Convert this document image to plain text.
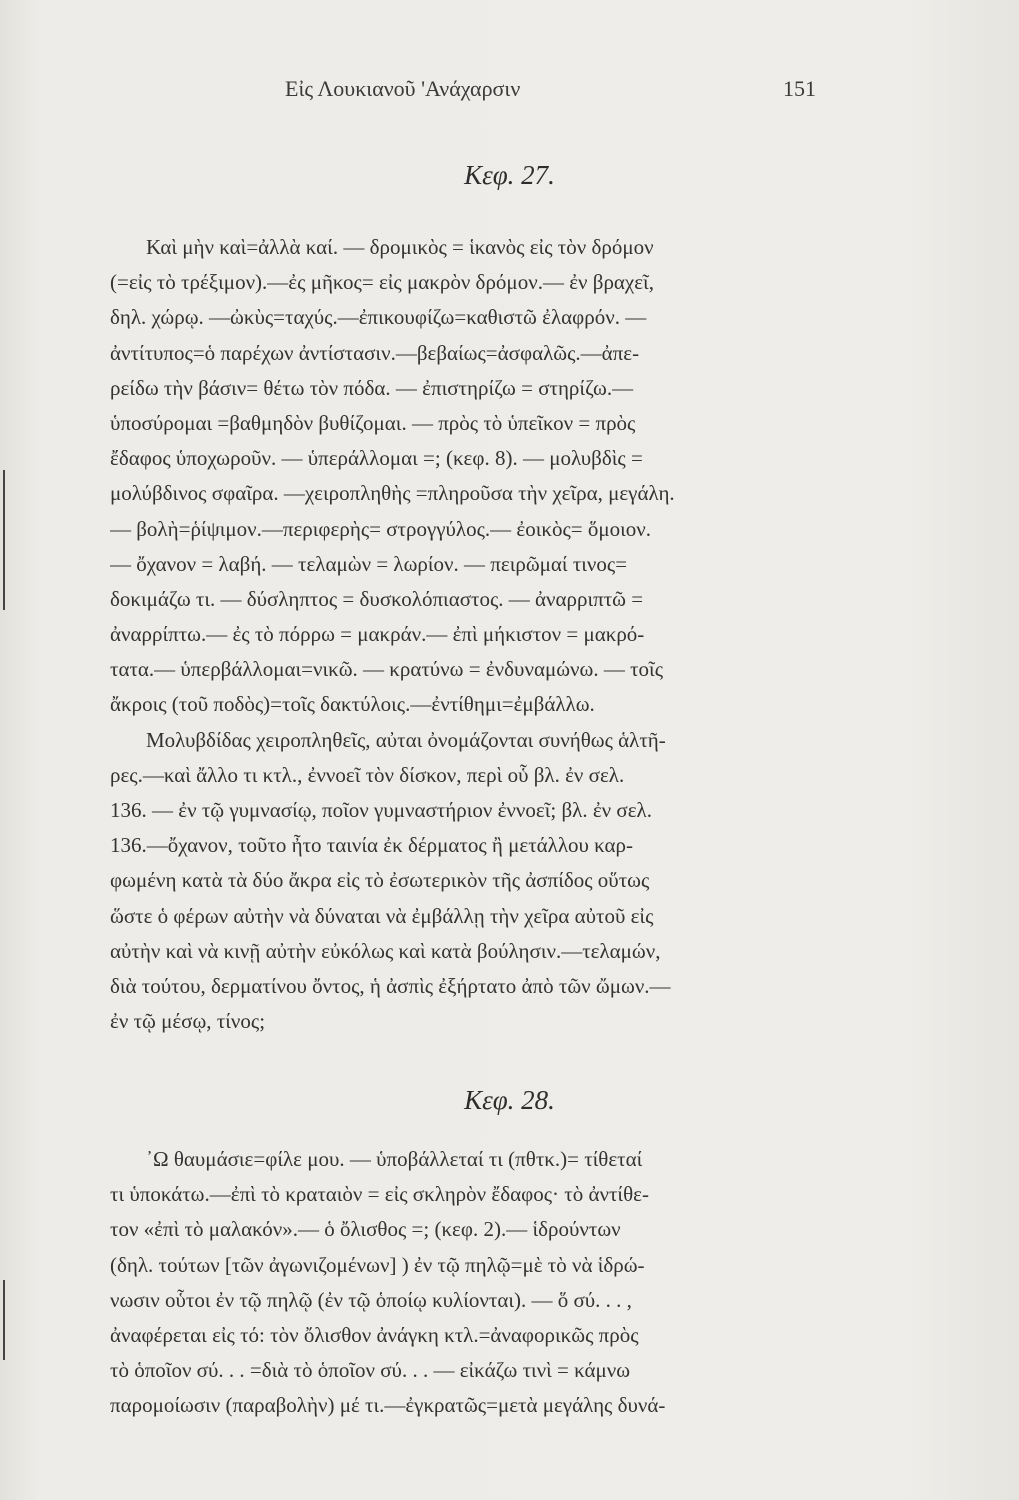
Εἰς Λουκιανοῦ 'Ανάχαρσιν	151
Κεφ. 27.
Καὶ μὴν καὶ=ἀλλὰ καί. — δρομικὸς = ἱκανὸς εἰς τὸν δρόμον
(=εἰς τὸ τρέξιμον).—ἐς μῆκος= εἰς μακρὸν δρόμον.— ἐν βραχεῖ,
δηλ. χώρῳ. —ὠκὺς=ταχύς.—ἐπικουφίζω=καθιστῶ ἐλαφρόν. —
ἀντίτυπος=ὁ παρέχων ἀντίστασιν.—βεβαίως=ἀσφαλῶς.—ἀπε-
ρείδω τὴν βάσιν= θέτω τὸν πόδα. — ἐπιστηρίζω = στηρίζω.—
ὑποσύρομαι =βαθμηδὸν βυθίζομαι. — πρὸς τὸ ὑπεῖκον = πρὸς
ἔδαφος ὑποχωροῦν. — ὑπεράλλομαι =; (κεφ. 8). — μολυβδὶς =
μολύβδινος σφαῖρα. —χειροπληθὴς =πληροῦσα τὴν χεῖρα, μεγάλη.
— βολὴ=ῥίψιμον.—περιφερὴς= στρογγύλος.— ἐοικὸς= ὅμοιον.
— ὄχανον = λαβή. — τελαμὼν = λωρίον. — πειρῶμαί τινος=
δοκιμάζω τι. — δύσληπτος = δυσκολόπιαστος. — ἀναρριπτῶ =
ἀναρρίπτω.— ἐς τὸ πόρρω = μακράν.— ἐπὶ μήκιστον = μακρό-
τατα.— ὑπερβάλλομαι=νικῶ. — κρατύνω = ἐνδυναμώνω. — τοῖς
ἄκροις (τοῦ ποδὸς)=τοῖς δακτύλοις.—ἐντίθημι=ἐμβάλλω.
Μολυβδίδας χειροπληθεῖς, αὐται ὀνομάζονται συνήθως ἁλτῆ-
ρες.—καὶ ἄλλο τι κτλ., ἐννοεῖ τὸν δίσκον, περὶ οὗ βλ. ἐν σελ.
136. — ἐν τῷ γυμνασίῳ, ποῖον γυμναστήριον ἐννοεῖ; βλ. ἐν σελ.
136.—ὄχανον, τοῦτο ἦτο ταινία ἐκ δέρματος ἢ μετάλλου καρ-
φωμένη κατὰ τὰ δύο ἄκρα εἰς τὸ ἐσωτερικὸν τῆς ἀσπίδος οὕτως
ὥστε ὁ φέρων αὐτὴν νὰ δύναται νὰ ἐμβάλλῃ τὴν χεῖρα αὐτοῦ εἰς
αὐτὴν καὶ νὰ κινῇ αὐτὴν εὐκόλως καὶ κατὰ βούλησιν.—τελαμών,
διὰ τούτου, δερματίνου ὄντος, ἡ ἀσπὶς ἐξήρτατο ἀπὸ τῶν ὤμων.—
ἐν τῷ μέσῳ, τίνος;
Κεφ. 28.
᾿Ω θαυμάσιε=φίλε μου. — ὑποβάλλεταί τι (πθτκ.)= τίθεταί
τι ὑποκάτω.—ἐπὶ τὸ κραταιὸν = εἰς σκληρὸν ἔδαφος· τὸ ἀντίθε-
τον «ἐπὶ τὸ μαλακόν».— ὁ ὄλισθος =; (κεφ. 2).— ἱδρούντων
(δηλ. τούτων [τῶν ἀγωνιζομένων] ) ἐν τῷ πηλῷ=μὲ τὸ νὰ ἱδρώ-
νωσιν οὗτοι ἐν τῷ πηλῷ (ἐν τῷ ὁποίῳ κυλίονται). — ὅ σύ. . . ,
ἀναφέρεται εἰς τό: τὸν ὄλισθον ἀνάγκη κτλ.=ἀναφορικῶς πρὸς
τὸ ὁποῖον σύ. . . =διὰ τὸ ὁποῖον σύ. . . — εἰκάζω τινὶ = κάμνω
παρομοίωσιν (παραβολὴν) μέ τι.—ἐγκρατῶς=μετὰ μεγάλης δυνά-
